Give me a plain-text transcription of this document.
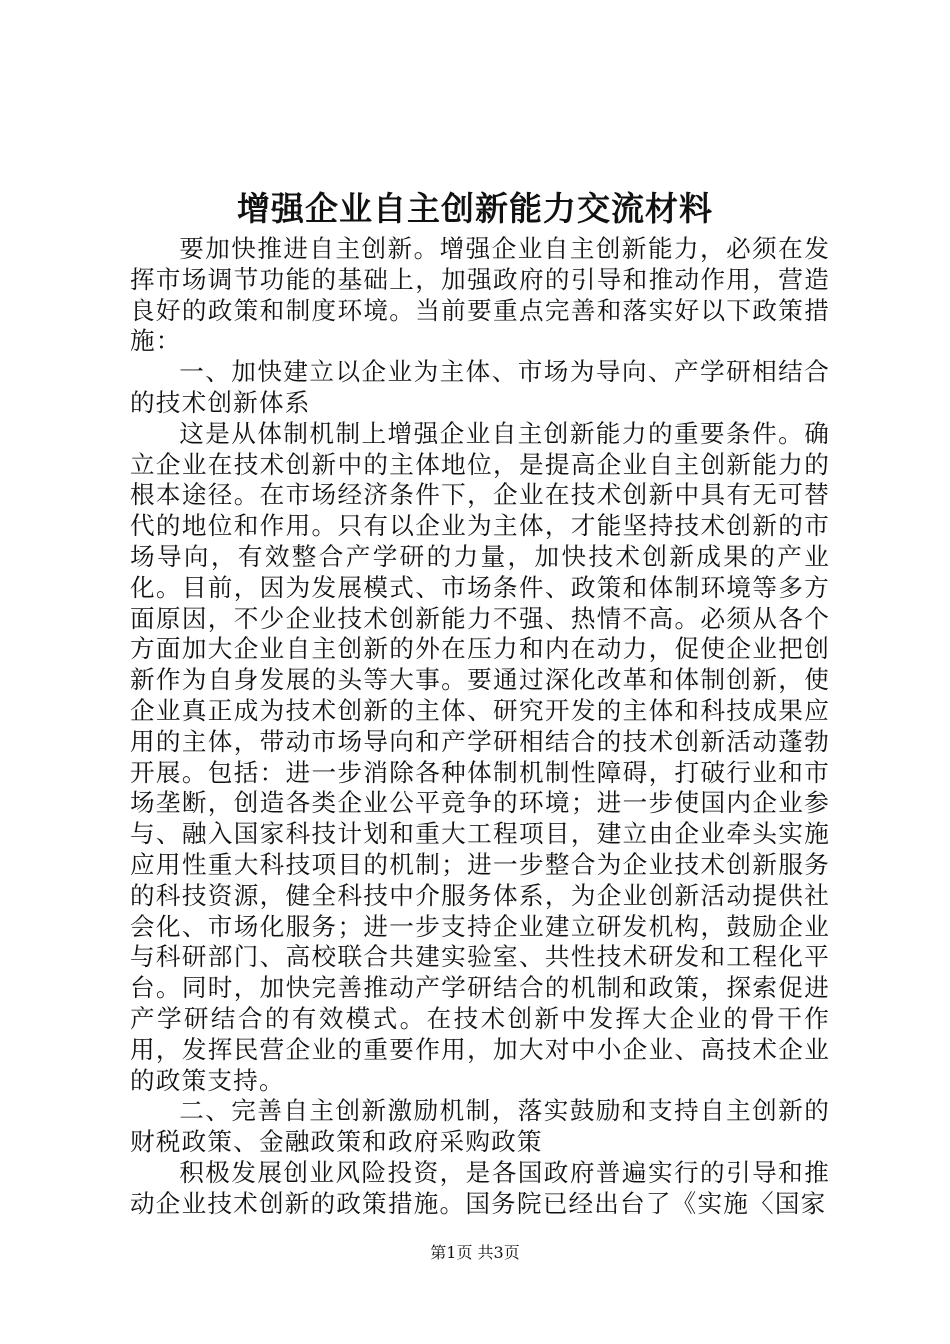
增强企业自主创新能力交流材料

要加快推进自主创新。增强企业自主创新能力，必须在发挥市场调节功能的基础上，加强政府的引导和推动作用，营造良好的政策和制度环境。当前要重点完善和落实好以下政策措施：

一、加快建立以企业为主体、市场为导向、产学研相结合的技术创新体系

这是从体制机制上增强企业自主创新能力的重要条件。确立企业在技术创新中的主体地位，是提高企业自主创新能力的根本途径。在市场经济条件下，企业在技术创新中具有无可替代的地位和作用。只有以企业为主体，才能坚持技术创新的市场导向，有效整合产学研的力量，加快技术创新成果的产业化。目前，因为发展模式、市场条件、政策和体制环境等多方面原因，不少企业技术创新能力不强、热情不高。必须从各个方面加大企业自主创新的外在压力和内在动力，促使企业把创新作为自身发展的头等大事。要通过深化改革和体制创新，使企业真正成为技术创新的主体、研究开发的主体和科技成果应用的主体，带动市场导向和产学研相结合的技术创新活动蓬勃开展。包括：进一步消除各种体制机制性障碍，打破行业和市场垄断，创造各类企业公平竞争的环境；进一步使国内企业参与、融入国家科技计划和重大工程项目，建立由企业牵头实施应用性重大科技项目的机制；进一步整合为企业技术创新服务的科技资源，健全科技中介服务体系，为企业创新活动提供社会化、市场化服务；进一步支持企业建立研发机构，鼓励企业与科研部门、高校联合共建实验室、共性技术研发和工程化平台。同时，加快完善推动产学研结合的机制和政策，探索促进产学研结合的有效模式。在技术创新中发挥大企业的骨干作用，发挥民营企业的重要作用，加大对中小企业、高技术企业的政策支持。

二、完善自主创新激励机制，落实鼓励和支持自主创新的财税政策、金融政策和政府采购政策

积极发展创业风险投资，是各国政府普遍实行的引导和推动企业技术创新的政策措施。国务院已经出台了《实施〈国家

第1页 共3页
